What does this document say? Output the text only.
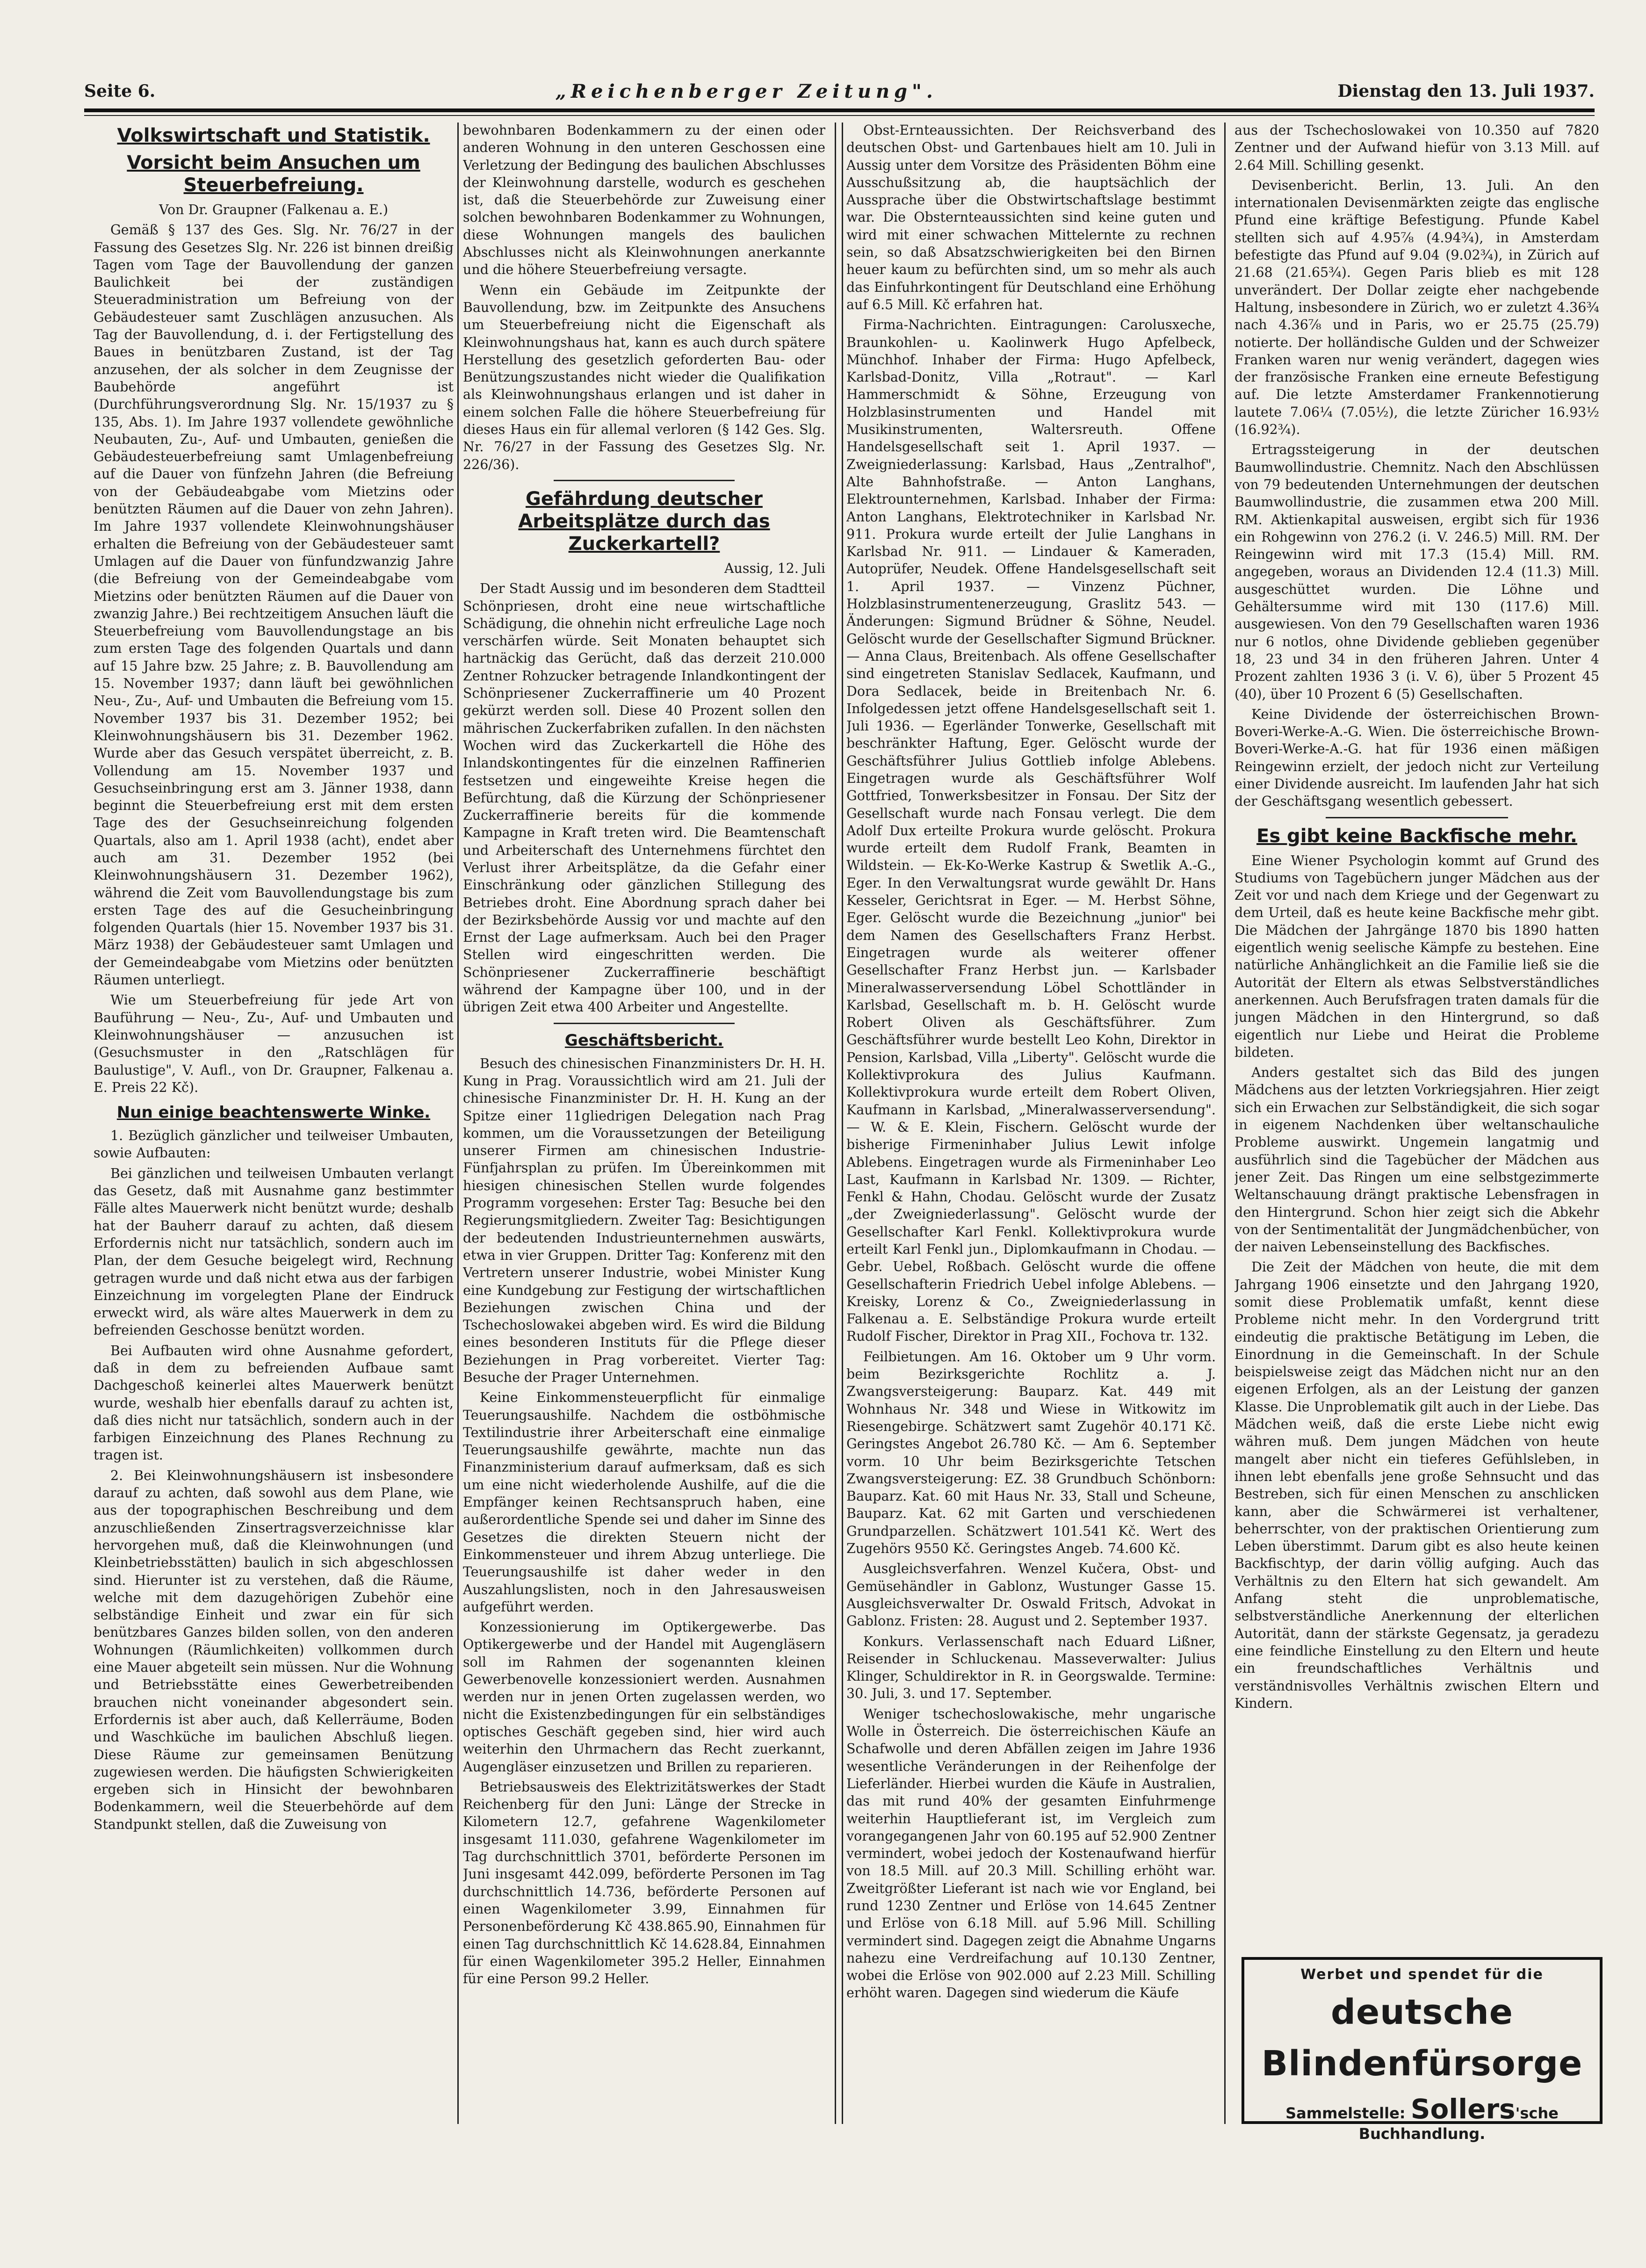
Seite 6.	„Reichenberger Zeitung".	Dienstag den 13. Juli 1937.
Volkswirtschaft und Statistik.
Vorsicht beim Ansuchen um Steuerbefreiung.

Von Dr. Graupner (Falkenau a. E.)

Gemäß § 137 des Ges. Slg. Nr. 76/27 in der Fassung des Gesetzes Slg. Nr. 226 ist binnen dreißig Tagen vom Tage der Bauvollendung der ganzen Baulichkeit bei der zuständigen Steueradministration um Befreiung von der Gebäudesteuer samt Zuschlägen anzusuchen. Als Tag der Bauvollendung, d. i. der Fertigstellung des Baues in benützbaren Zustand, ist der Tag anzusehen, der als solcher in dem Zeugnisse der Baubehörde angeführt ist (Durchführungsverordnung Slg. Nr. 15/1937 zu § 135, Abs. 1). Im Jahre 1937 vollendete gewöhnliche Neubauten, Zu-, Auf- und Umbauten, genießen die Gebäudesteuerbefreiung samt Umlagenbefreiung auf die Dauer von fünfzehn Jahren (die Befreiung von der Gebäudeabgabe vom Mietzins oder benützten Räumen auf die Dauer von zehn Jahren). Im Jahre 1937 vollendete Kleinwohnungshäuser erhalten die Befreiung von der Gebäudesteuer samt Umlagen auf die Dauer von fünfundzwanzig Jahre (die Befreiung von der Gemeindeabgabe vom Mietzins oder benützten Räumen auf die Dauer von zwanzig Jahre.) Bei rechtzeitigem Ansuchen läuft die Steuerbefreiung vom Bauvollendungstage an bis zum ersten Tage des folgenden Quartals und dann auf 15 Jahre bzw. 25 Jahre; z. B. Bauvollendung am 15. November 1937; dann läuft bei gewöhnlichen Neu-, Zu-, Auf- und Umbauten die Befreiung vom 15. November 1937 bis 31. Dezember 1952; bei Kleinwohnungshäusern bis 31. Dezember 1962. Wurde aber das Gesuch verspätet überreicht, z. B. Vollendung am 15. November 1937 und Gesuchseinbringung erst am 3. Jänner 1938, dann beginnt die Steuerbefreiung erst mit dem ersten Tage des der Gesuchseinreichung folgenden Quartals, also am 1. April 1938 (acht), endet aber auch am 31. Dezember 1952 (bei Kleinwohnungshäusern 31. Dezember 1962), während die Zeit vom Bauvollendungstage bis zum ersten Tage des auf die Gesucheinbringung folgenden Quartals (hier 15. November 1937 bis 31. März 1938) der Gebäudesteuer samt Umlagen und der Gemeindeabgabe vom Mietzins oder benützten Räumen unterliegt.

Wie um Steuerbefreiung für jede Art von Bauführung — Neu-, Zu-, Auf- und Umbauten und Kleinwohnungshäuser — anzusuchen ist (Gesuchsmuster in den „Ratschlägen für Baulustige", V. Aufl., von Dr. Graupner, Falkenau a. E. Preis 22 Kč).

Nun einige beachtenswerte Winke.

1. Bezüglich gänzlicher und teilweiser Umbauten, sowie Aufbauten:

Bei gänzlichen und teilweisen Umbauten verlangt das Gesetz, daß mit Ausnahme ganz bestimmter Fälle altes Mauerwerk nicht benützt wurde; deshalb hat der Bauherr darauf zu achten, daß diesem Erfordernis nicht nur tatsächlich, sondern auch im Plan, der dem Gesuche beigelegt wird, Rechnung getragen wurde und daß nicht etwa aus der farbigen Einzeichnung im vorgelegten Plane der Eindruck erweckt wird, als wäre altes Mauerwerk in dem zu befreienden Geschosse benützt worden.

Bei Aufbauten wird ohne Ausnahme gefordert, daß in dem zu befreienden Aufbaue samt Dachgeschoß keinerlei altes Mauerwerk benützt wurde, weshalb hier ebenfalls darauf zu achten ist, daß dies nicht nur tatsächlich, sondern auch in der farbigen Einzeichnung des Planes Rechnung zu tragen ist.

2. Bei Kleinwohnungshäusern ist insbesondere darauf zu achten, daß sowohl aus dem Plane, wie aus der topographischen Beschreibung und dem anzuschließenden Zinsertragsverzeichnisse klar hervorgehen muß, daß die Kleinwohnungen (und Kleinbetriebsstätten) baulich in sich abgeschlossen sind. Hierunter ist zu verstehen, daß die Räume, welche mit dem dazugehörigen Zubehör eine selbständige Einheit und zwar ein für sich benützbares Ganzes bilden sollen, von den anderen Wohnungen (Räumlichkeiten) vollkommen durch eine Mauer abgeteilt sein müssen. Nur die Wohnung und Betriebsstätte eines Gewerbetreibenden brauchen nicht voneinander abgesondert sein. Erfordernis ist aber auch, daß Kellerräume, Boden und Waschküche im baulichen Abschluß liegen. Diese Räume zur gemeinsamen Benützung zugewiesen werden. Die häufigsten Schwierigkeiten ergeben sich in Hinsicht der bewohnbaren Bodenkammern, weil die Steuerbehörde auf dem Standpunkt stellen, daß die Zuweisung von

bewohnbaren Bodenkammern zu der einen oder anderen Wohnung in den unteren Geschossen eine Verletzung der Bedingung des baulichen Abschlusses der Kleinwohnung darstelle, wodurch es geschehen ist, daß die Steuerbehörde zur Zuweisung einer solchen bewohnbaren Bodenkammer zu Wohnungen, diese Wohnungen mangels des baulichen Abschlusses nicht als Kleinwohnungen anerkannte und die höhere Steuerbefreiung versagte.

Wenn ein Gebäude im Zeitpunkte der Bauvollendung, bzw. im Zeitpunkte des Ansuchens um Steuerbefreiung nicht die Eigenschaft als Kleinwohnungshaus hat, kann es auch durch spätere Herstellung des gesetzlich geforderten Bau- oder Benützungszustandes nicht wieder die Qualifikation als Kleinwohnungshaus erlangen und ist daher in einem solchen Falle die höhere Steuerbefreiung für dieses Haus ein für allemal verloren (§ 142 Ges. Slg. Nr. 76/27 in der Fassung des Gesetzes Slg. Nr. 226/36).

Gefährdung deutscher Arbeitsplätze durch das Zuckerkartell?

Aussig, 12. Juli

Der Stadt Aussig und im besonderen dem Stadtteil Schönpriesen, droht eine neue wirtschaftliche Schädigung, die ohnehin nicht erfreuliche Lage noch verschärfen würde. Seit Monaten behauptet sich hartnäckig das Gerücht, daß das derzeit 210.000 Zentner Rohzucker betragende Inlandkontingent der Schönpriesener Zuckerraffinerie um 40 Prozent gekürzt werden soll. Diese 40 Prozent sollen den mährischen Zuckerfabriken zufallen. In den nächsten Wochen wird das Zuckerkartell die Höhe des Inlandskontingentes für die einzelnen Raffinerien festsetzen und eingeweihte Kreise hegen die Befürchtung, daß die Kürzung der Schönpriesener Zuckerraffinerie bereits für die kommende Kampagne in Kraft treten wird. Die Beamtenschaft und Arbeiterschaft des Unternehmens fürchtet den Verlust ihrer Arbeitsplätze, da die Gefahr einer Einschränkung oder gänzlichen Stillegung des Betriebes droht. Eine Abordnung sprach daher bei der Bezirksbehörde Aussig vor und machte auf den Ernst der Lage aufmerksam. Auch bei den Prager Stellen wird eingeschritten werden. Die Schönpriesener Zuckerraffinerie beschäftigt während der Kampagne über 100, und in der übrigen Zeit etwa 400 Arbeiter und Angestellte.

Geschäftsbericht.

Besuch des chinesischen Finanzministers Dr. H. H. Kung in Prag. Voraussichtlich wird am 21. Juli der chinesische Finanzminister Dr. H. H. Kung an der Spitze einer 11gliedrigen Delegation nach Prag kommen, um die Voraussetzungen der Beteiligung unserer Firmen am chinesischen Industrie-Fünfjahrsplan zu prüfen. Im Übereinkommen mit hiesigen chinesischen Stellen wurde folgendes Programm vorgesehen: Erster Tag: Besuche bei den Regierungsmitgliedern. Zweiter Tag: Besichtigungen der bedeutenden Industrieunternehmen auswärts, etwa in vier Gruppen. Dritter Tag: Konferenz mit den Vertretern unserer Industrie, wobei Minister Kung eine Kundgebung zur Festigung der wirtschaftlichen Beziehungen zwischen China und der Tschechoslowakei abgeben wird. Es wird die Bildung eines besonderen Instituts für die Pflege dieser Beziehungen in Prag vorbereitet. Vierter Tag: Besuche der Prager Unternehmen.

Keine Einkommensteuerpflicht für einmalige Teuerungsaushilfe. Nachdem die ostböhmische Textilindustrie ihrer Arbeiterschaft eine einmalige Teuerungsaushilfe gewährte, machte nun das Finanzministerium darauf aufmerksam, daß es sich um eine nicht wiederholende Aushilfe, auf die die Empfänger keinen Rechtsanspruch haben, eine außerordentliche Spende sei und daher im Sinne des Gesetzes die direkten Steuern nicht der Einkommensteuer und ihrem Abzug unterliege. Die Teuerungsaushilfe ist daher weder in den Auszahlungslisten, noch in den Jahresausweisen aufgeführt werden.

Konzessionierung im Optikergewerbe. Das Optikergewerbe und der Handel mit Augengläsern soll im Rahmen der sogenannten kleinen Gewerbenovelle konzessioniert werden. Ausnahmen werden nur in jenen Orten zugelassen werden, wo nicht die Existenzbedingungen für ein selbständiges optisches Geschäft gegeben sind, hier wird auch weiterhin den Uhrmachern das Recht zuerkannt, Augengläser einzusetzen und Brillen zu reparieren.

Betriebsausweis des Elektrizitätswerkes der Stadt Reichenberg für den Juni: Länge der Strecke in Kilometern 12.7, gefahrene Wagenkilometer insgesamt 111.030, gefahrene Wagenkilometer im Tag durchschnittlich 3701, beförderte Personen im Juni insgesamt 442.099, beförderte Personen im Tag durchschnittlich 14.736, beförderte Personen auf einen Wagenkilometer 3.99, Einnahmen für Personenbeförderung Kč 438.865.90, Einnahmen für einen Tag durchschnittlich Kč 14.628.84, Einnahmen für einen Wagenkilometer 395.2 Heller, Einnahmen für eine Person 99.2 Heller.

Obst-Ernteaussichten. Der Reichsverband des deutschen Obst- und Gartenbaues hielt am 10. Juli in Aussig unter dem Vorsitze des Präsidenten Böhm eine Ausschußsitzung ab, die hauptsächlich der Aussprache über die Obstwirtschaftslage bestimmt war. Die Obsternteaussichten sind keine guten und wird mit einer schwachen Mittelernte zu rechnen sein, so daß Absatzschwierigkeiten bei den Birnen heuer kaum zu befürchten sind, um so mehr als auch das Einfuhrkontingent für Deutschland eine Erhöhung auf 6.5 Mill. Kč erfahren hat.

Firma-Nachrichten. Eintragungen: Carolusxeche, Braunkohlen- u. Kaolinwerk Hugo Apfelbeck, Münchhof. Inhaber der Firma: Hugo Apfelbeck, Karlsbad-Donitz, Villa „Rotraut". — Karl Hammerschmidt & Söhne, Erzeugung von Holzblasinstrumenten und Handel mit Musikinstrumenten, Waltersreuth. Offene Handelsgesellschaft seit 1. April 1937. — Zweigniederlassung: Karlsbad, Haus „Zentralhof", Alte Bahnhofstraße. — Anton Langhans, Elektrounternehmen, Karlsbad. Inhaber der Firma: Anton Langhans, Elektrotechniker in Karlsbad Nr. 911. Prokura wurde erteilt der Julie Langhans in Karlsbad Nr. 911. — Lindauer & Kameraden, Autoprüfer, Neudek. Offene Handelsgesellschaft seit 1. April 1937. — Vinzenz Püchner, Holzblasinstrumentenerzeugung, Graslitz 543. — Änderungen: Sigmund Brüdner & Söhne, Neudel. Gelöscht wurde der Gesellschafter Sigmund Brückner. — Anna Claus, Breitenbach. Als offene Gesellschafter sind eingetreten Stanislav Sedlacek, Kaufmann, und Dora Sedlacek, beide in Breitenbach Nr. 6. Infolgedessen jetzt offene Handelsgesellschaft seit 1. Juli 1936. — Egerländer Tonwerke, Gesellschaft mit beschränkter Haftung, Eger. Gelöscht wurde der Geschäftsführer Julius Gottlieb infolge Ablebens. Eingetragen wurde als Geschäftsführer Wolf Gottfried, Tonwerksbesitzer in Fonsau. Der Sitz der Gesellschaft wurde nach Fonsau verlegt. Die dem Adolf Dux erteilte Prokura wurde gelöscht. Prokura wurde erteilt dem Rudolf Frank, Beamten in Wildstein. — Ek-Ko-Werke Kastrup & Swetlik A.-G., Eger. In den Verwaltungsrat wurde gewählt Dr. Hans Kesseler, Gerichtsrat in Eger. — M. Herbst Söhne, Eger. Gelöscht wurde die Bezeichnung „junior" bei dem Namen des Gesellschafters Franz Herbst. Eingetragen wurde als weiterer offener Gesellschafter Franz Herbst jun. — Karlsbader Mineralwasserversendung Löbel Schottländer in Karlsbad, Gesellschaft m. b. H. Gelöscht wurde Robert Oliven als Geschäftsführer. Zum Geschäftsführer wurde bestellt Leo Kohn, Direktor in Pension, Karlsbad, Villa „Liberty". Gelöscht wurde die Kollektivprokura des Julius Kaufmann. Kollektivprokura wurde erteilt dem Robert Oliven, Kaufmann in Karlsbad, „Mineralwasserversendung". — W. & E. Klein, Fischern. Gelöscht wurde der bisherige Firmeninhaber Julius Lewit infolge Ablebens. Eingetragen wurde als Firmeninhaber Leo Last, Kaufmann in Karlsbad Nr. 1309. — Richter, Fenkl & Hahn, Chodau. Gelöscht wurde der Zusatz „der Zweigniederlassung". Gelöscht wurde der Gesellschafter Karl Fenkl. Kollektivprokura wurde erteilt Karl Fenkl jun., Diplomkaufmann in Chodau. — Gebr. Uebel, Roßbach. Gelöscht wurde die offene Gesellschafterin Friedrich Uebel infolge Ablebens. — Kreisky, Lorenz & Co., Zweigniederlassung in Falkenau a. E. Selbständige Prokura wurde erteilt Rudolf Fischer, Direktor in Prag XII., Fochova tr. 132.

Feilbietungen. Am 16. Oktober um 9 Uhr vorm. beim Bezirksgerichte Rochlitz a. J. Zwangsversteigerung: Bauparz. Kat. 449 mit Wohnhaus Nr. 348 und Wiese in Witkowitz im Riesengebirge. Schätzwert samt Zugehör 40.171 Kč. Geringstes Angebot 26.780 Kč. — Am 6. September vorm. 10 Uhr beim Bezirksgerichte Tetschen Zwangsversteigerung: EZ. 38 Grundbuch Schönborn: Bauparz. Kat. 60 mit Haus Nr. 33, Stall und Scheune, Bauparz. Kat. 62 mit Garten und verschiedenen Grundparzellen. Schätzwert 101.541 Kč. Wert des Zugehörs 9550 Kč. Geringstes Angeb. 74.600 Kč.

Ausgleichsverfahren. Wenzel Kučera, Obst- und Gemüsehändler in Gablonz, Wustunger Gasse 15. Ausgleichsverwalter Dr. Oswald Fritsch, Advokat in Gablonz. Fristen: 28. August und 2. September 1937.

Konkurs. Verlassenschaft nach Eduard Lißner, Reisender in Schluckenau. Masseverwalter: Julius Klinger, Schuldirektor in R. in Georgswalde. Termine: 30. Juli, 3. und 17. September.

Weniger tschechoslowakische, mehr ungarische Wolle in Österreich. Die österreichischen Käufe an Schafwolle und deren Abfällen zeigen im Jahre 1936 wesentliche Veränderungen in der Reihenfolge der Lieferländer. Hierbei wurden die Käufe in Australien, das mit rund 40% der gesamten Einfuhrmenge weiterhin Hauptlieferant ist, im Vergleich zum vorangegangenen Jahr von 60.195 auf 52.900 Zentner vermindert, wobei jedoch der Kostenaufwand hierfür von 18.5 Mill. auf 20.3 Mill. Schilling erhöht war. Zweitgrößter Lieferant ist nach wie vor England, bei rund 1230 Zentner und Erlöse von 14.645 Zentner und Erlöse von 6.18 Mill. auf 5.96 Mill. Schilling vermindert sind. Dagegen zeigt die Abnahme Ungarns nahezu eine Verdreifachung auf 10.130 Zentner, wobei die Erlöse von 902.000 auf 2.23 Mill. Schilling erhöht waren. Dagegen sind wiederum die Käufe

aus der Tschechoslowakei von 10.350 auf 7820 Zentner und der Aufwand hiefür von 3.13 Mill. auf 2.64 Mill. Schilling gesenkt.

Devisenbericht. Berlin, 13. Juli. An den internationalen Devisenmärkten zeigte das englische Pfund eine kräftige Befestigung. Pfunde Kabel stellten sich auf 4.95⅞ (4.94¾), in Amsterdam befestigte das Pfund auf 9.04 (9.02¾), in Zürich auf 21.68 (21.65¾). Gegen Paris blieb es mit 128 unverändert. Der Dollar zeigte eher nachgebende Haltung, insbesondere in Zürich, wo er zuletzt 4.36¾ nach 4.36⅞ und in Paris, wo er 25.75 (25.79) notierte. Der holländische Gulden und der Schweizer Franken waren nur wenig verändert, dagegen wies der französische Franken eine erneute Befestigung auf. Die letzte Amsterdamer Frankennotierung lautete 7.06¼ (7.05½), die letzte Züricher 16.93½ (16.92¾).

Ertragssteigerung in der deutschen Baumwollindustrie. Chemnitz. Nach den Abschlüssen von 79 bedeutenden Unternehmungen der deutschen Baumwollindustrie, die zusammen etwa 200 Mill. RM. Aktienkapital ausweisen, ergibt sich für 1936 ein Rohgewinn von 276.2 (i. V. 246.5) Mill. RM. Der Reingewinn wird mit 17.3 (15.4) Mill. RM. angegeben, woraus an Dividenden 12.4 (11.3) Mill. ausgeschüttet wurden. Die Löhne und Gehältersumme wird mit 130 (117.6) Mill. ausgewiesen. Von den 79 Gesellschaften waren 1936 nur 6 notlos, ohne Dividende geblieben gegenüber 18, 23 und 34 in den früheren Jahren. Unter 4 Prozent zahlten 1936 3 (i. V. 6), über 5 Prozent 45 (40), über 10 Prozent 6 (5) Gesellschaften.

Keine Dividende der österreichischen Brown-Boveri-Werke-A.-G. Wien. Die österreichische Brown-Boveri-Werke-A.-G. hat für 1936 einen mäßigen Reingewinn erzielt, der jedoch nicht zur Verteilung einer Dividende ausreicht. Im laufenden Jahr hat sich der Geschäftsgang wesentlich gebessert.

Es gibt keine Backfische mehr.

Eine Wiener Psychologin kommt auf Grund des Studiums von Tagebüchern junger Mädchen aus der Zeit vor und nach dem Kriege und der Gegenwart zu dem Urteil, daß es heute keine Backfische mehr gibt. Die Mädchen der Jahrgänge 1870 bis 1890 hatten eigentlich wenig seelische Kämpfe zu bestehen. Eine natürliche Anhänglichkeit an die Familie ließ sie die Autorität der Eltern als etwas Selbstverständliches anerkennen. Auch Berufsfragen traten damals für die jungen Mädchen in den Hintergrund, so daß eigentlich nur Liebe und Heirat die Probleme bildeten.

Anders gestaltet sich das Bild des jungen Mädchens aus der letzten Vorkriegsjahren. Hier zeigt sich ein Erwachen zur Selbständigkeit, die sich sogar in eigenem Nachdenken über weltanschauliche Probleme auswirkt. Ungemein langatmig und ausführlich sind die Tagebücher der Mädchen aus jener Zeit. Das Ringen um eine selbstgezimmerte Weltanschauung drängt praktische Lebensfragen in den Hintergrund. Schon hier zeigt sich die Abkehr von der Sentimentalität der Jungmädchenbücher, von der naiven Lebenseinstellung des Backfisches.

Die Zeit der Mädchen von heute, die mit dem Jahrgang 1906 einsetzte und den Jahrgang 1920, somit diese Problematik umfaßt, kennt diese Probleme nicht mehr. In den Vordergrund tritt eindeutig die praktische Betätigung im Leben, die Einordnung in die Gemeinschaft. In der Schule beispielsweise zeigt das Mädchen nicht nur an den eigenen Erfolgen, als an der Leistung der ganzen Klasse. Die Unproblematik gilt auch in der Liebe. Das Mädchen weiß, daß die erste Liebe nicht ewig währen muß. Dem jungen Mädchen von heute mangelt aber nicht ein tieferes Gefühlsleben, in ihnen lebt ebenfalls jene große Sehnsucht und das Bestreben, sich für einen Menschen zu anschlicken kann, aber die Schwärmerei ist verhaltener, beherrschter, von der praktischen Orientierung zum Leben überstimmt. Darum gibt es also heute keinen Backfischtyp, der darin völlig aufging. Auch das Verhältnis zu den Eltern hat sich gewandelt. Am Anfang steht die unproblematische, selbstverständliche Anerkennung der elterlichen Autorität, dann der stärkste Gegensatz, ja geradezu eine feindliche Einstellung zu den Eltern und heute ein freundschaftliches Verhältnis und verständnisvolles Verhältnis zwischen Eltern und Kindern.

Werbet und spendet für die
deutsche Blindenfürsorge
Sammelstelle: Sollers'sche Buchhandlung.
